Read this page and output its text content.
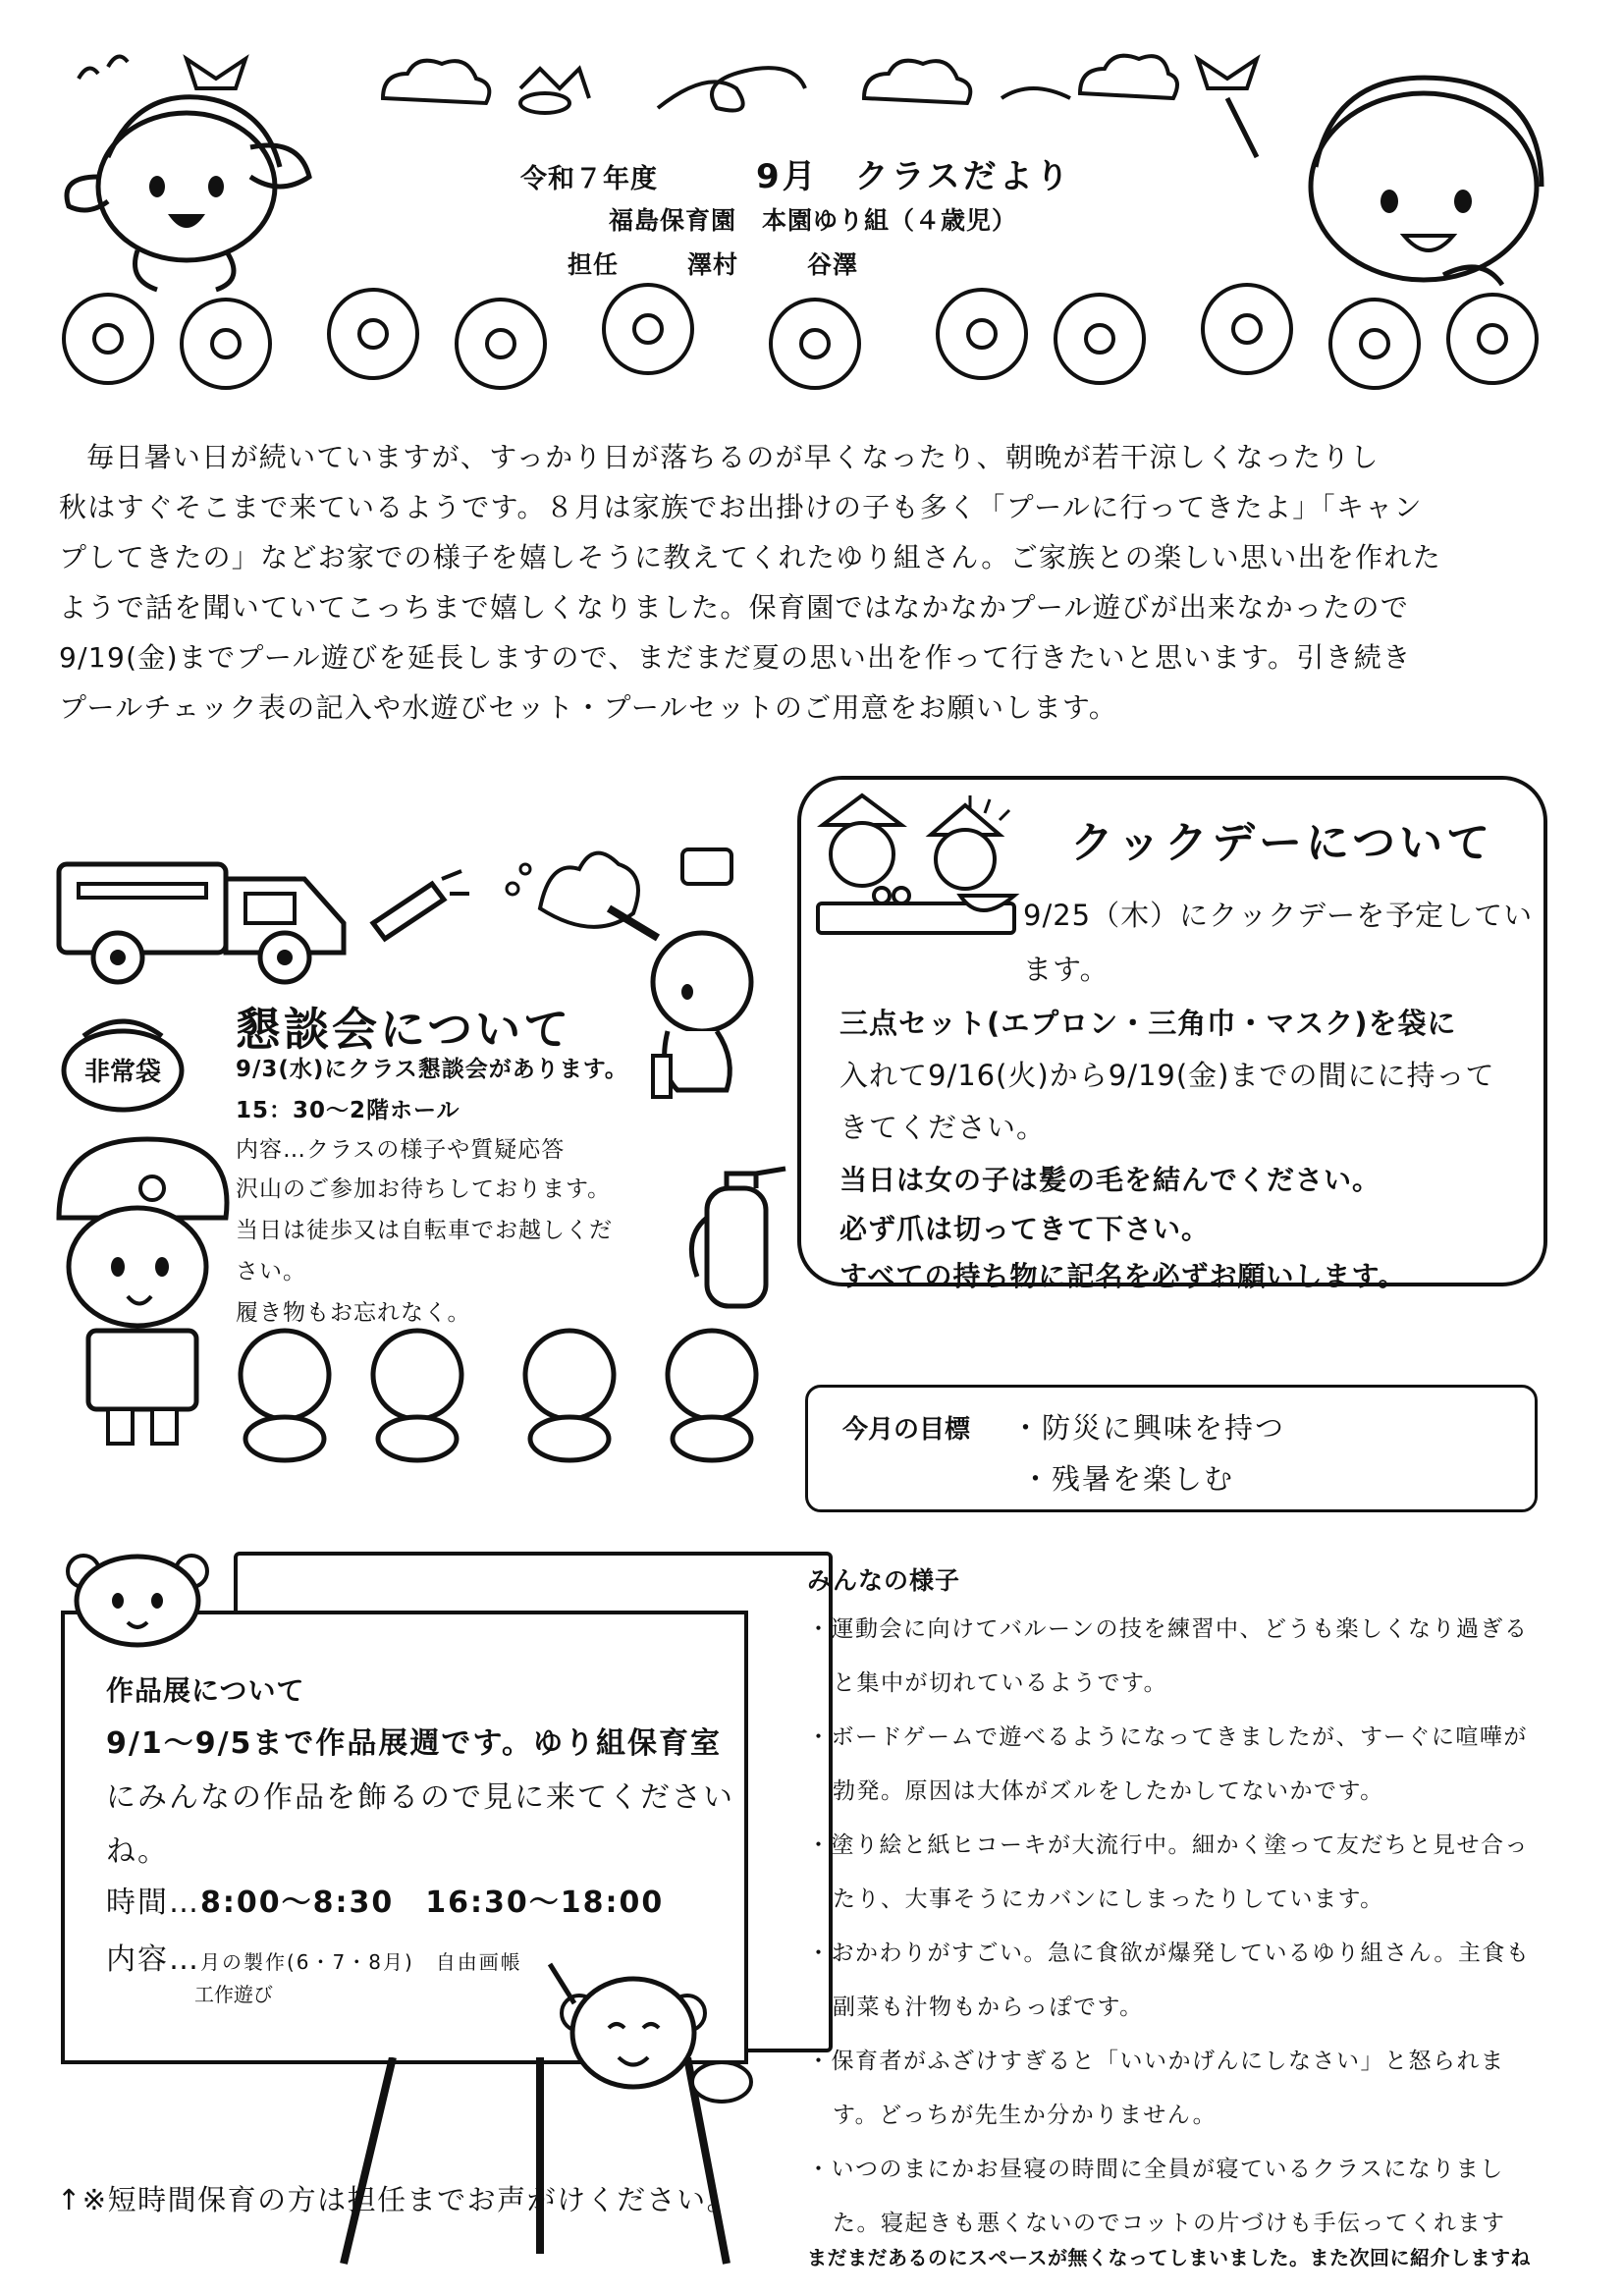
令和７年度	9月　クラスだより
福島保育園　本園ゆり組（４歳児）
担任	澤村	谷澤

毎日暑い日が続いていますが、すっかり日が落ちるのが早くなったり、朝晩が若干涼しくなったりし

秋はすぐそこまで来ているようです。８月は家族でお出掛けの子も多く「プールに行ってきたよ」「キャン

プしてきたの」などお家での様子を嬉しそうに教えてくれたゆり組さん。ご家族との楽しい思い出を作れた

ようで話を聞いていてこっちまで嬉しくなりました。保育園ではなかなかプール遊びが出来なかったので

9/19(金)までプール遊びを延長しますので、まだまだ夏の思い出を作って行きたいと思います。引き続き

プールチェック表の記入や水遊びセット・プールセットのご用意をお願いします。

非常袋
懇談会について
9/3(水)にクラス懇談会があります。
15：30～2階ホール
内容…クラスの様子や質疑応答
沢山のご参加お待ちしております。
当日は徒歩又は自転車でお越しくだ
さい。
履き物もお忘れなく。
クックデーについて
9/25（木）にクックデーを予定してい
ます。
三点セット(エプロン・三角巾・マスク)を袋に
入れて9/16(火)から9/19(金)までの間にに持って
きてください。
当日は女の子は髪の毛を結んでください。
必ず爪は切ってきて下さい。
すべての持ち物に記名を必ずお願いします。
今月の目標 ・防災に興味を持つ
・残暑を楽しむ
作品展について
9/1～9/5まで作品展週です。ゆり組保育室
にみんなの作品を飾るので見に来てください
ね。
時間…8:00～8:30　16:30～18:00
内容…月の製作(6・7・8月)　自由画帳
工作遊び
↑※短時間保育の方は担任までお声がけください。
みんなの様子
・運動会に向けてバルーンの技を練習中、どうも楽しくなり過ぎる
と集中が切れているようです。
・ボードゲームで遊べるようになってきましたが、すーぐに喧嘩が
勃発。原因は大体がズルをしたかしてないかです。
・塗り絵と紙ヒコーキが大流行中。細かく塗って友だちと見せ合っ
たり、大事そうにカバンにしまったりしています。
・おかわりがすごい。急に食欲が爆発しているゆり組さん。主食も
副菜も汁物もからっぽです。
・保育者がふざけすぎると「いいかげんにしなさい」と怒られま
す。どっちが先生か分かりません。
・いつのまにかお昼寝の時間に全員が寝ているクラスになりまし
た。寝起きも悪くないのでコットの片づけも手伝ってくれます
まだまだあるのにスペースが無くなってしまいました。また次回に紹介しますね
